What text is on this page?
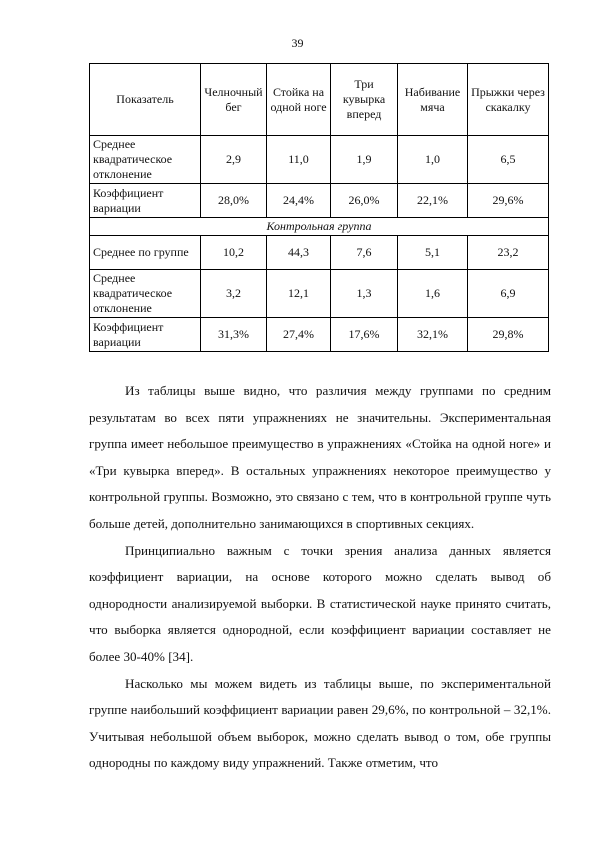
39
Показатель	Челночный бег	Стойка на одной ноге	Три кувырка вперед	Набивание мяча	Прыжки через скакалку
Среднее квадратическое отклонение	2,9	11,0	1,9	1,0	6,5
Коэффициент вариации	28,0%	24,4%	26,0%	22,1%	29,6%
Контрольная группа					
Среднее по группе	10,2	44,3	7,6	5,1	23,2
Среднее квадратическое отклонение	3,2	12,1	1,3	1,6	6,9
Коэффициент вариации	31,3%	27,4%	17,6%	32,1%	29,8%

Из таблицы выше видно, что различия между группами по средним результатам во всех пяти упражнениях не значительны. Экспериментальная группа имеет небольшое преимущество в упражнениях «Стойка на одной ноге» и «Три кувырка вперед». В остальных упражнениях некоторое преимущество у контрольной группы. Возможно, это связано с тем, что в контрольной группе чуть больше детей, дополнительно занимающихся в спортивных секциях.

Принципиально важным с точки зрения анализа данных является коэффициент вариации, на основе которого можно сделать вывод об однородности анализируемой выборки. В статистической науке принято считать, что выборка является однородной, если коэффициент вариации составляет не более 30-40% [34].

Насколько мы можем видеть из таблицы выше, по экспериментальной группе наибольший коэффициент вариации равен 29,6%, по контрольной – 32,1%. Учитывая небольшой объем выборок, можно сделать вывод о том, обе группы однородны по каждому виду упражнений. Также отметим, что
